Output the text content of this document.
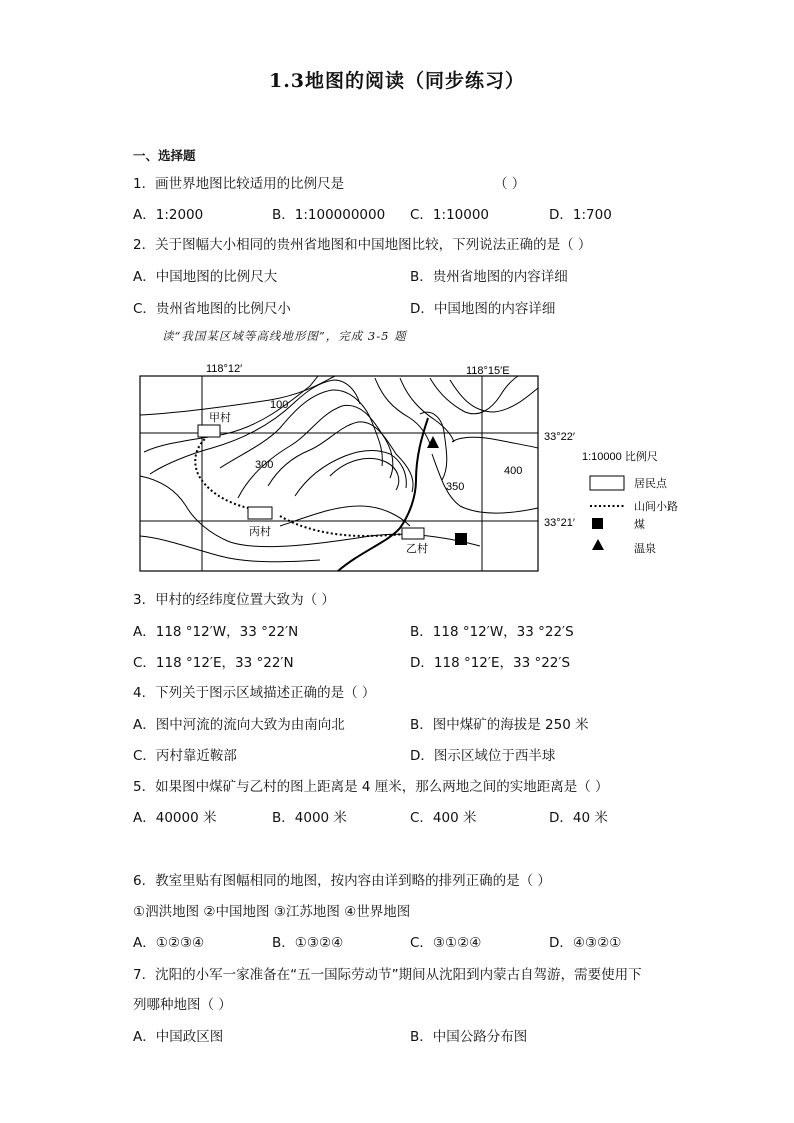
1.3地图的阅读（同步练习）
一、选择题
1．画世界地图比较适用的比例尺是	（ ）
A．1:2000	B．1:100000000 C．1:10000	D．1:700
2．关于图幅大小相同的贵州省地图和中国地图比较，下列说法正确的是（ ）
A．中国地图的比例尺大	B．贵州省地图的内容详细
C．贵州省地图的比例尺小	D．中国地图的内容详细
读“我国某区域等高线地形图”，完成 3-5 题
118°12′	118°15′E
33°22′
33°21′
甲村
丙村
乙村
100
300
350
400
1:10000 比例尺
居民点
山间小路
煤
温泉
3．甲村的经纬度位置大致为（ ）
A．118 °12′W，33 °22′N	B．118 °12′W，33 °22′S
C．118 °12′E，33 °22′N	D．118 °12′E，33 °22′S
4．下列关于图示区域描述正确的是（ ）
A．图中河流的流向大致为由南向北	B．图中煤矿的海拔是 250 米
C．丙村靠近鞍部	D．图示区域位于西半球
5．如果图中煤矿与乙村的图上距离是 4 厘米，那么两地之间的实地距离是（ ）
A．40000 米	B．4000 米	C．400 米	D．40 米
6．教室里贴有图幅相同的地图，按内容由详到略的排列正确的是（ ）
①泗洪地图 ②中国地图 ③江苏地图 ④世界地图
A．①②③④	B．①③②④	C．③①②④	D．④③②①
7．沈阳的小军一家准备在“五一国际劳动节”期间从沈阳到内蒙古自驾游，需要使用下
列哪种地图（ ）
A．中国政区图	B．中国公路分布图
